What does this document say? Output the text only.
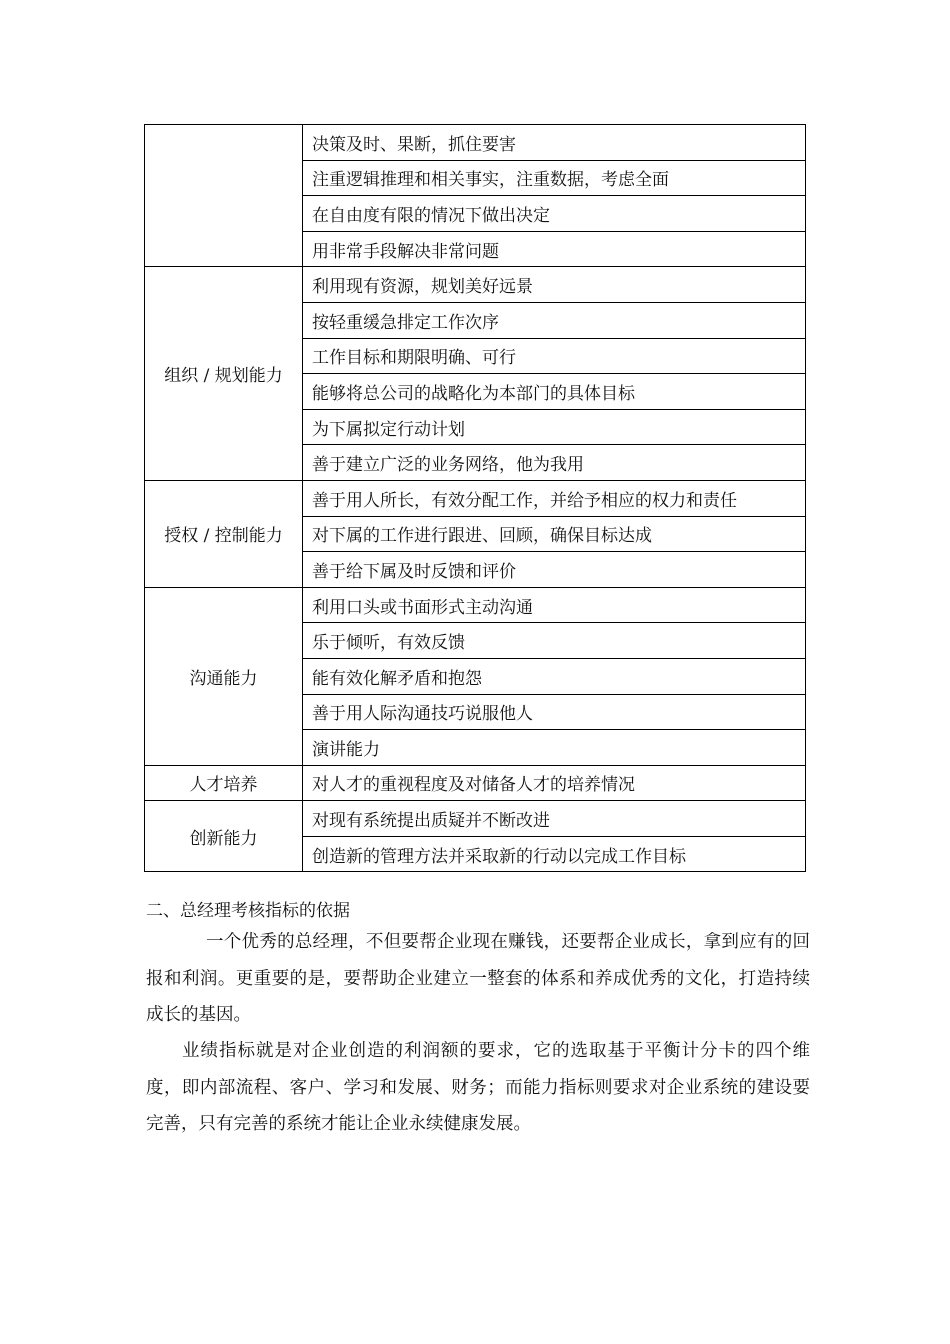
	决策及时、果断，抓住要害
	注重逻辑推理和相关事实，注重数据，考虑全面
	在自由度有限的情况下做出决定
	用非常手段解决非常问题
组织 / 规划能力	利用现有资源，规划美好远景
	按轻重缓急排定工作次序
	工作目标和期限明确、可行
	能够将总公司的战略化为本部门的具体目标
	为下属拟定行动计划
	善于建立广泛的业务网络，他为我用
授权 / 控制能力	善于用人所长，有效分配工作，并给予相应的权力和责任
	对下属的工作进行跟进、回顾，确保目标达成
	善于给下属及时反馈和评价
沟通能力	利用口头或书面形式主动沟通
	乐于倾听，有效反馈
	能有效化解矛盾和抱怨
	善于用人际沟通技巧说服他人
	演讲能力
人才培养	对人才的重视程度及对储备人才的培养情况
创新能力	对现有系统提出质疑并不断改进
	创造新的管理方法并采取新的行动以完成工作目标
二、总经理考核指标的依据

一个优秀的总经理，不但要帮企业现在赚钱，还要帮企业成长，拿到应有的回报和利润。更重要的是，要帮助企业建立一整套的体系和养成优秀的文化，打造持续成长的基因。

业绩指标就是对企业创造的利润额的要求，它的选取基于平衡计分卡的四个维度，即内部流程、客户、学习和发展、财务；而能力指标则要求对企业系统的建设要完善，只有完善的系统才能让企业永续健康发展。
